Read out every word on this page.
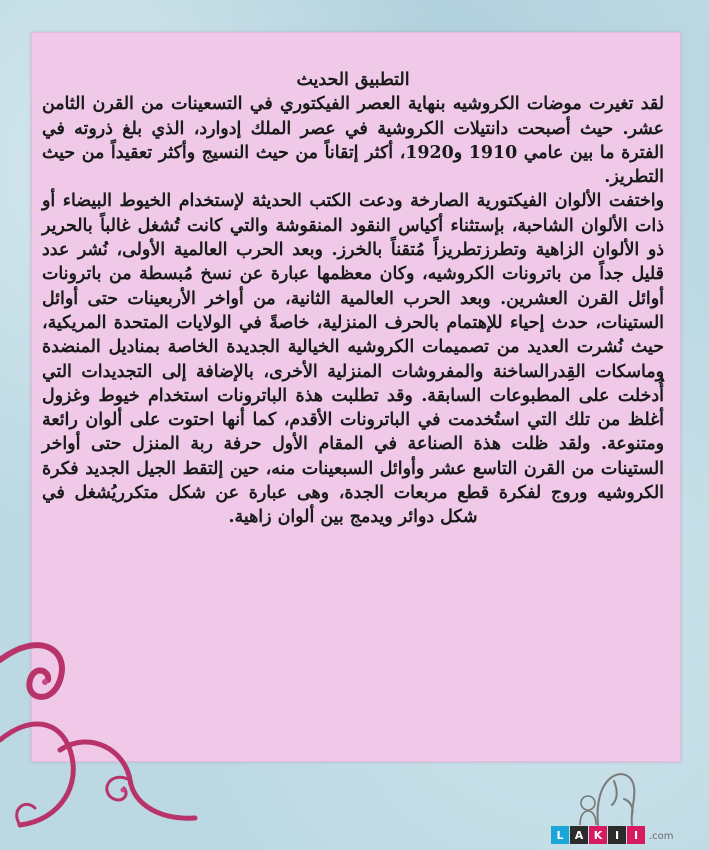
التطبيق الحديث

لقد تغيرت موضات الكروشيه بنهاية العصر الفيكتوري في التسعينات من القرن الثامن عشر. حيث أصبحت دانتيلات الكروشية في عصر الملك إدوارد، الذي بلغ ذروته في الفترة ما بين عامي 1910 و1920، أكثر إتقاناً من حيث النسيج وأكثر تعقيداً من حيث التطريز.

واختفت الألوان الفيكتورية الصارخة ودعت الكتب الحديثة لإستخدام الخيوط البيضاء أو ذات الألوان الشاحبة، بإستثناء أكياس النقود المنقوشة والتي كانت تُشغل غالباً بالحرير ذو الألوان الزاهية وتطرزتطريزاً مُتقناً بالخرز. وبعد الحرب العالمية الأولى، نُشر عدد قليل جداً من باترونات الكروشيه، وكان معظمها عبارة عن نسخ مُبسطة من باترونات أوائل القرن العشرين. وبعد الحرب العالمية الثانية، من أواخر الأربعينات حتى أوائل الستينات، حدث إحياء للإهتمام بالحرف المنزلية، خاصةً في الولايات المتحدة المريكية، حيث نُشرت العديد من تصميمات الكروشيه الخيالية الجديدة الخاصة بمناديل المنضدة وماسكات القِدرالساخنة والمفروشات المنزلية الأخرى، بالإضافة إلى التجديدات التي أُدخلت على المطبوعات السابقة. وقد تطلبت هذة الباترونات استخدام خيوط وغزول أغلظ من تلك التي استُخدمت في الباترونات الأقدم، كما أنها احتوت على ألوان رائعة ومتنوعة. ولقد ظلت هذة الصناعة في المقام الأول حرفة ربة المنزل حتى أواخر الستينات من القرن التاسع عشر وأوائل السبعينات منه، حين إلتقط الجيل الجديد فكرة الكروشيه وروج لفكرة قطع مربعات الجدة، وهى عبارة عن شكل متكرريُشغل في شكل دوائر ويدمج بين ألوان زاهية.

L	A K	I	I	.com
